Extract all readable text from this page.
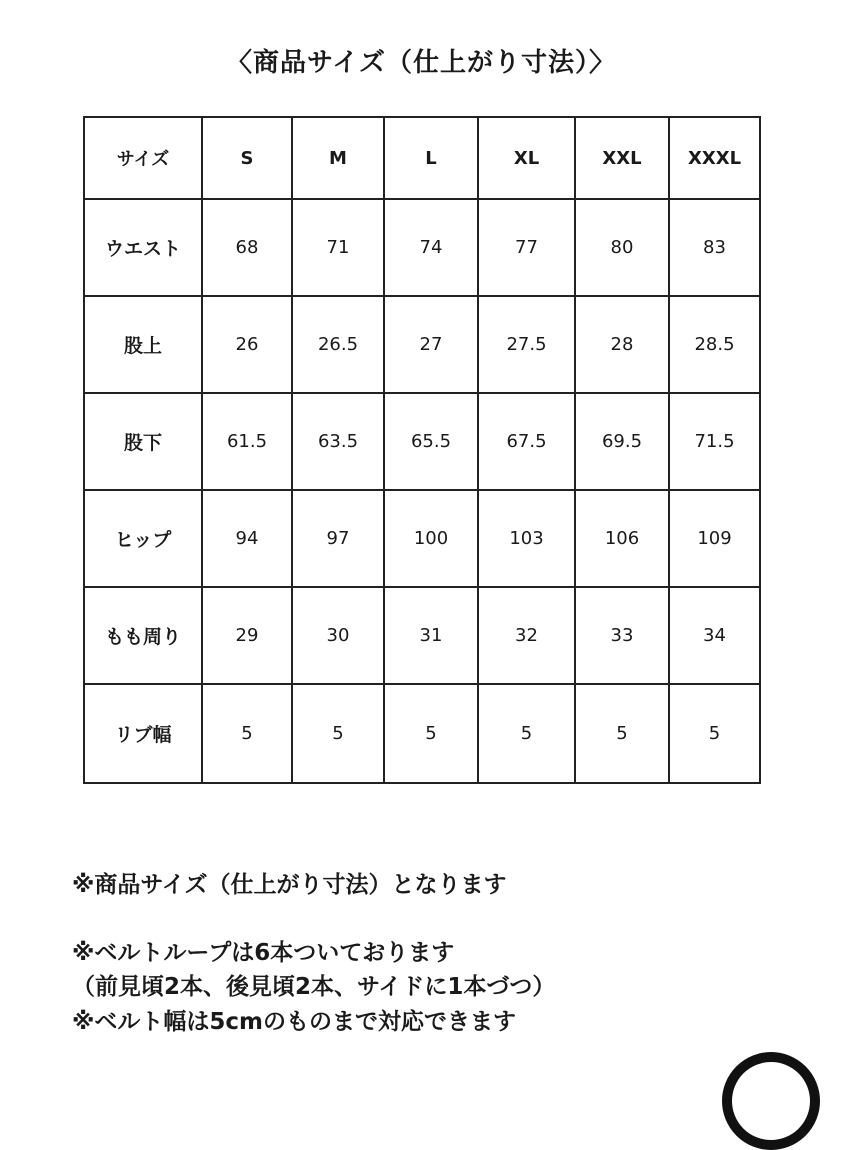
〈商品サイズ（仕上がり寸法）〉
サイズ	S	M	L	XL	XXL	XXXL
ウエスト	68	71	74	77	80	83
股上	26	26.5	27	27.5	28	28.5
股下	61.5	63.5	65.5	67.5	69.5	71.5
ヒップ	94	97	100	103	106	109
もも周り	29	30	31	32	33	34
リブ幅	5	5	5	5	5	5

※商品サイズ（仕上がり寸法）となります

※ベルトループは6本ついております

（前見頃2本、後見頃2本、サイドに1本づつ）

※ベルト幅は5cmのものまで対応できます
